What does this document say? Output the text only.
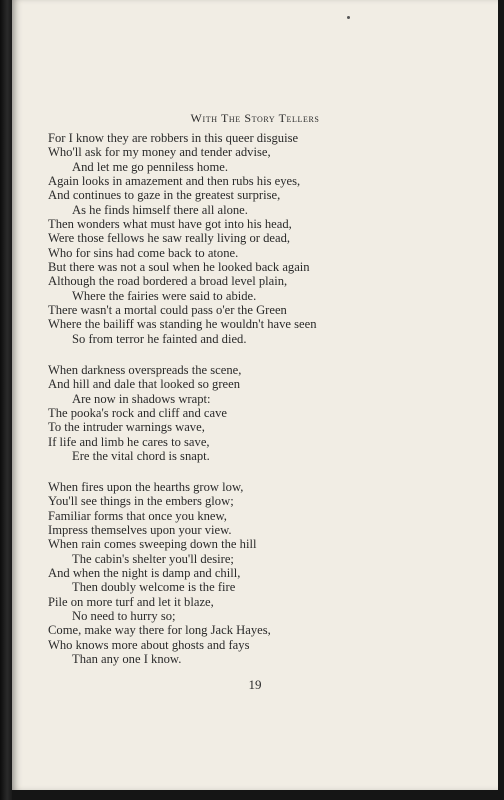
With The Story Tellers
For I know they are robbers in this queer disguise
Who'll ask for my money and tender advise,
And let me go penniless home.
Again looks in amazement and then rubs his eyes,
And continues to gaze in the greatest surprise,
As he finds himself there all alone.
Then wonders what must have got into his head,
Were those fellows he saw really living or dead,
Who for sins had come back to atone.
But there was not a soul when he looked back again
Although the road bordered a broad level plain,
Where the fairies were said to abide.
There wasn't a mortal could pass o'er the Green
Where the bailiff was standing he wouldn't have seen
So from terror he fainted and died.
When darkness overspreads the scene,
And hill and dale that looked so green
Are now in shadows wrapt:
The pooka's rock and cliff and cave
To the intruder warnings wave,
If life and limb he cares to save,
Ere the vital chord is snapt.
When fires upon the hearths grow low,
You'll see things in the embers glow;
Familiar forms that once you knew,
Impress themselves upon your view.
When rain comes sweeping down the hill
The cabin's shelter you'll desire;
And when the night is damp and chill,
Then doubly welcome is the fire
Pile on more turf and let it blaze,
No need to hurry so;
Come, make way there for long Jack Hayes,
Who knows more about ghosts and fays
Than any one I know.
19
